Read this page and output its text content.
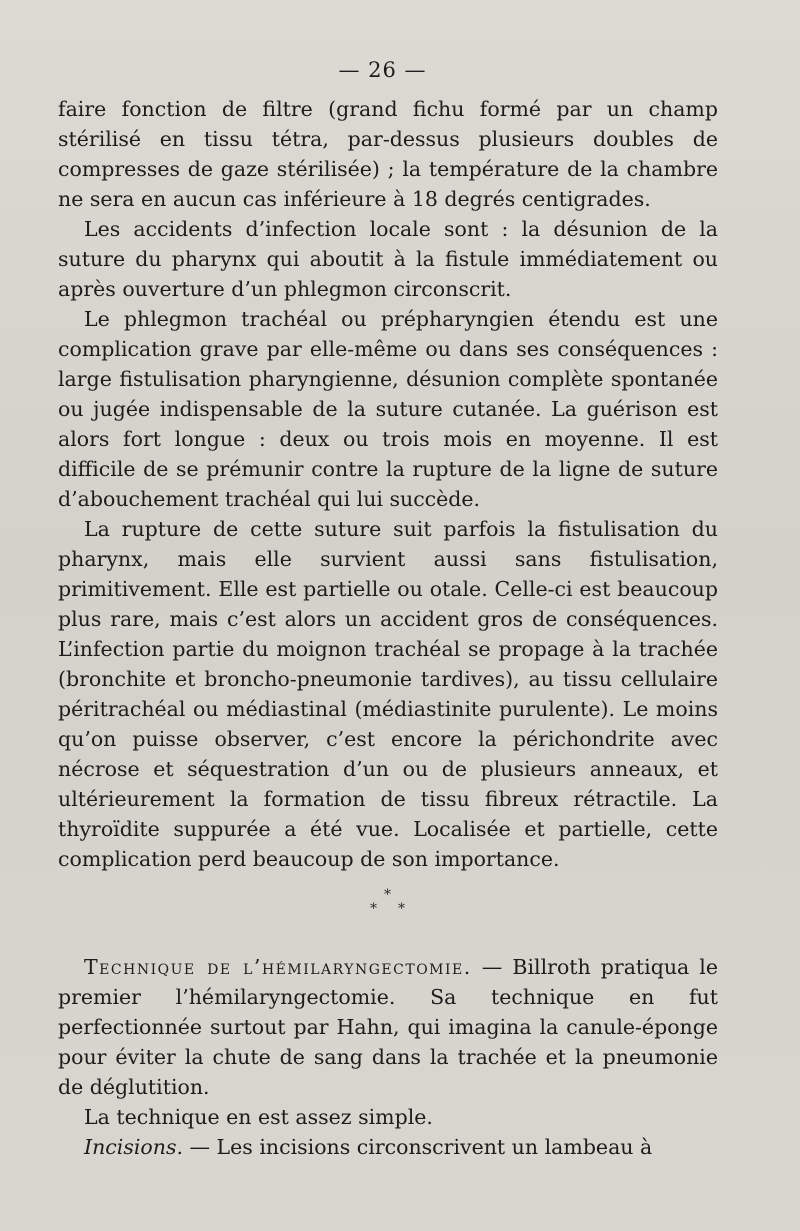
— 26 —

faire fonction de filtre (grand fichu formé par un champ stérilisé en tissu tétra, par-dessus plusieurs doubles de compresses de gaze stérilisée) ; la température de la chambre ne sera en aucun cas inférieure à 18 degrés centigrades.

Les accidents d’infection locale sont : la désunion de la suture du pharynx qui aboutit à la fistule immédiatement ou après ouverture d’un phlegmon circonscrit.

Le phlegmon trachéal ou prépharyngien étendu est une complication grave par elle-même ou dans ses conséquences : large fistulisation pharyngienne, désunion complète spontanée ou jugée indispensable de la suture cutanée. La guérison est alors fort longue : deux ou trois mois en moyenne. Il est difficile de se prémunir contre la rupture de la ligne de suture d’abouchement trachéal qui lui succède.

La rupture de cette suture suit parfois la fistulisation du pharynx, mais elle survient aussi sans fistulisation, primitivement. Elle est partielle ou otale. Celle-ci est beaucoup plus rare, mais c’est alors un accident gros de conséquences. L’infection partie du moignon trachéal se propage à la trachée (bronchite et broncho-pneumonie tardives), au tissu cellulaire péritrachéal ou médiastinal (médiastinite purulente). Le moins qu’on puisse observer, c’est encore la périchondrite avec nécrose et séquestration d’un ou de plusieurs anneaux, et ultérieurement la formation de tissu fibreux rétractile. La thyroïdite suppurée a été vue. Localisée et partielle, cette complication perd beaucoup de son importance.

*
* *

Technique de l’hémilaryngectomie. — Billroth pratiqua le premier l’hémilaryngectomie. Sa technique en fut perfectionnée surtout par Hahn, qui imagina la canule-éponge pour éviter la chute de sang dans la trachée et la pneumonie de déglutition.

La technique en est assez simple.

Incisions. — Les incisions circonscrivent un lambeau à
